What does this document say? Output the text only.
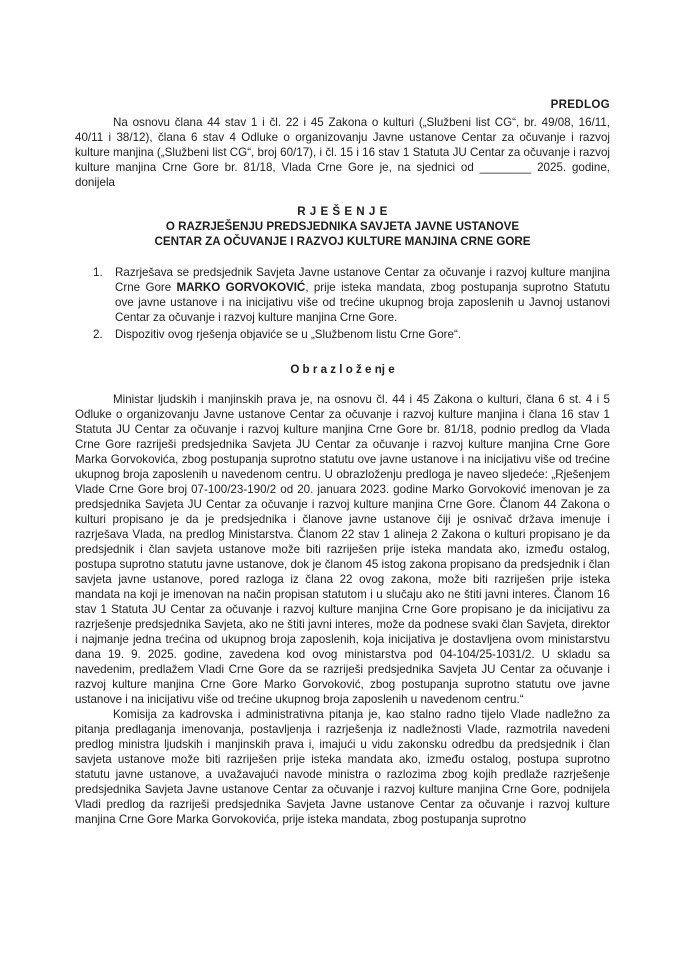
PREDLOG

Na osnovu člana 44 stav 1 i čl. 22 i 45 Zakona o kulturi („Službeni list CG“, br. 49/08, 16/11, 40/11 i 38/12), člana 6 stav 4 Odluke o organizovanju Javne ustanove Centar za očuvanje i razvoj kulture manjina („Službeni list CG“, broj 60/17), i čl. 15 i 16 stav 1 Statuta JU Centar za očuvanje i razvoj kulture manjina Crne Gore br. 81/18, Vlada Crne Gore je, na sjednici od ________ 2025. godine, donijela

R J E Š E N J E
O RAZRJEŠENJU PREDSJEDNIKA SAVJETA JAVNE USTANOVE
CENTAR ZA OČUVANJE I RAZVOJ KULTURE MANJINA CRNE GORE
1.	Razrješava se predsjednik Savjeta Javne ustanove Centar za očuvanje i razvoj kulture manjina Crne Gore MARKO GORVOKOVIĆ, prije isteka mandata, zbog postupanja suprotno Statutu ove javne ustanove i na inicijativu više od trećine ukupnog broja zaposlenih u Javnoj ustanovi Centar za očuvanje i razvoj kulture manjina Crne Gore.
2.	Dispozitiv ovog rješenja objaviće se u „Službenom listu Crne Gore“.
O b r a z l o ž e nj e

Ministar ljudskih i manjinskih prava je, na osnovu čl. 44 i 45 Zakona o kulturi, člana 6 st. 4 i 5 Odluke o organizovanju Javne ustanove Centar za očuvanje i razvoj kulture manjina i člana 16 stav 1 Statuta JU Centar za očuvanje i razvoj kulture manjina Crne Gore br. 81/18, podnio predlog da Vlada Crne Gore razriješi predsjednika Savjeta JU Centar za očuvanje i razvoj kulture manjina Crne Gore Marka Gorvokovića, zbog postupanja suprotno statutu ove javne ustanove i na inicijativu više od trećine ukupnog broja zaposlenih u navedenom centru. U obrazloženju predloga je naveo sljedeće: „Rješenjem Vlade Crne Gore broj 07-100/23-190/2 od 20. januara 2023. godine Marko Gorvoković imenovan je za predsjednika Savjeta JU Centar za očuvanje i razvoj kulture manjina Crne Gore. Članom 44 Zakona o kulturi propisano je da je predsjednika i članove javne ustanove čiji je osnivač država imenuje i razrješava Vlada, na predlog Ministarstva. Članom 22 stav 1 alineja 2 Zakona o kulturi propisano je da predsjednik i član savjeta ustanove može biti razriješen prije isteka mandata ako, između ostalog, postupa suprotno statutu javne ustanove, dok je članom 45 istog zakona propisano da predsjednik i član savjeta javne ustanove, pored razloga iz člana 22 ovog zakona, može biti razriješen prije isteka mandata na koji je imenovan na način propisan statutom i u slučaju ako ne štiti javni interes. Članom 16 stav 1 Statuta JU Centar za očuvanje i razvoj kulture manjina Crne Gore propisano je da inicijativu za razrješenje predsjednika Savjeta, ako ne štiti javni interes, može da podnese svaki član Savjeta, direktor i najmanje jedna trećina od ukupnog broja zaposlenih, koja inicijativa je dostavljena ovom ministarstvu dana 19. 9. 2025. godine, zavedena kod ovog ministarstva pod 04-104/25-1031/2. U skladu sa navedenim, predlažem Vladi Crne Gore da se razriješi predsjednika Savjeta JU Centar za očuvanje i razvoj kulture manjina Crne Gore Marko Gorvoković, zbog postupanja suprotno statutu ove javne ustanove i na inicijativu više od trećine ukupnog broja zaposlenih u navedenom centru.“

Komisija za kadrovska i administrativna pitanja je, kao stalno radno tijelo Vlade nadležno za pitanja predlaganja imenovanja, postavljenja i razrješenja iz nadležnosti Vlade, razmotrila navedeni predlog ministra ljudskih i manjinskih prava i, imajući u vidu zakonsku odredbu da predsjednik i član savjeta ustanove može biti razriješen prije isteka mandata ako, između ostalog, postupa suprotno statutu javne ustanove, a uvažavajući navode ministra o razlozima zbog kojih predlaže razrješenje predsjednika Savjeta Javne ustanove Centar za očuvanje i razvoj kulture manjina Crne Gore, podnijela Vladi predlog da razriješi predsjednika Savjeta Javne ustanove Centar za očuvanje i razvoj kulture manjina Crne Gore Marka Gorvokovića, prije isteka mandata, zbog postupanja suprotno
